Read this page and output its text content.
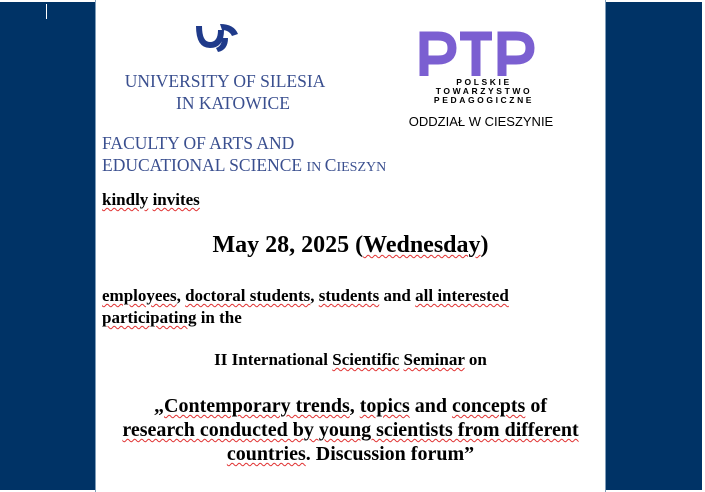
UNIVERSITY OF SILESIA
IN KATOWICE
FACULTY OF ARTS AND
EDUCATIONAL SCIENCE IN CIESZYN
POLSKIE
TOWARZYSTWO
PEDAGOGICZNE
ODDZIAŁ W CIESZYNIE
kindly invites
May 28, 2025 (Wednesday)
employees, doctoral students, students and all interested
participating in the
II International Scientific Seminar on
„Contemporary trends, topics and concepts of
research conducted by young scientists from different
countries. Discussion forum”
